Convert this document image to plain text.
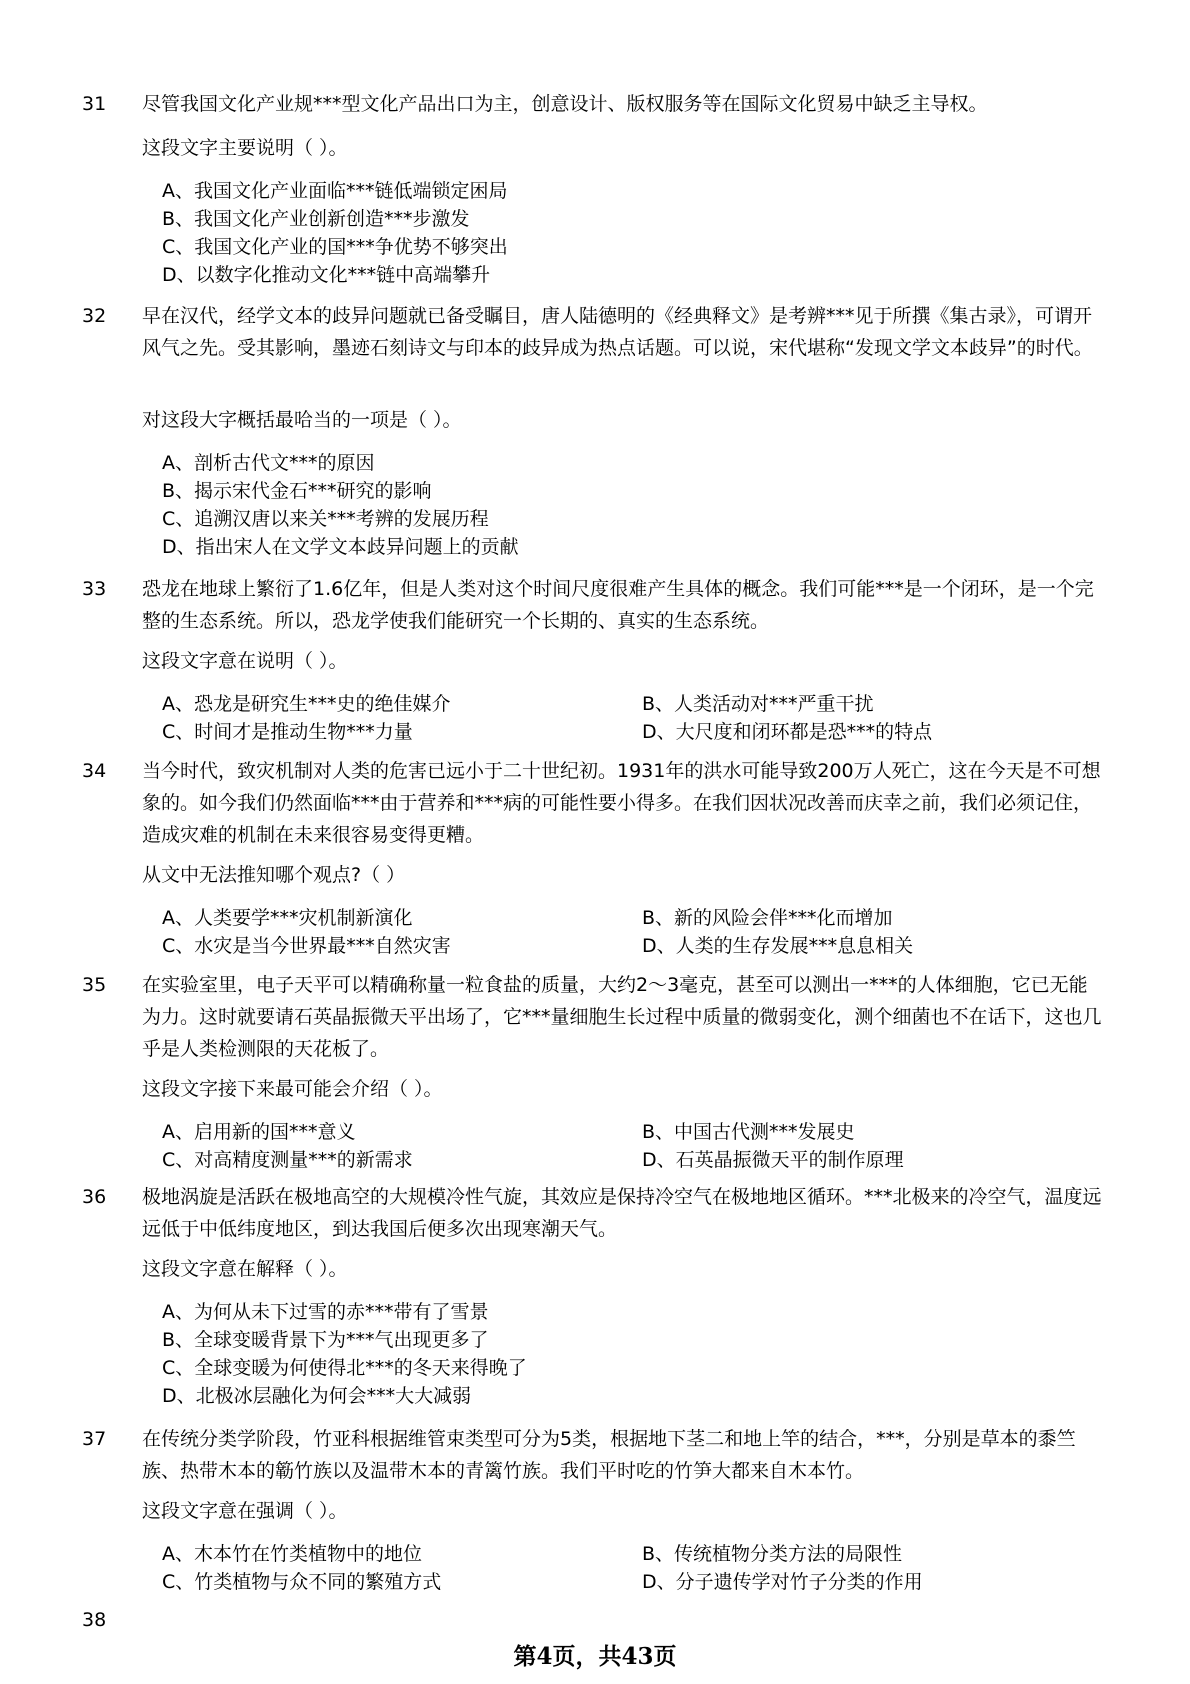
31 尽管我国文化产业规***型文化产品出口为主，创意设计、版权服务等在国际文化贸易中缺乏主导权。

这段文字主要说明（ ）。

A、我国文化产业面临***链低端锁定困局
B、我国文化产业创新创造***步激发
C、我国文化产业的国***争优势不够突出
D、以数字化推动文化***链中高端攀升
32 早在汉代，经学文本的歧异问题就已备受瞩目，唐人陆德明的《经典释文》是考辨***见于所撰《集古录》，可谓开风气之先。受其影响，墨迹石刻诗文与印本的歧异成为热点话题。可以说，宋代堪称“发现文学文本歧异”的时代。

对这段大字概括最哈当的一项是（ ）。

A、剖析古代文***的原因
B、揭示宋代金石***研究的影响
C、追溯汉唐以来关***考辨的发展历程
D、指出宋人在文学文本歧异问题上的贡献
33 恐龙在地球上繁衍了1.6亿年，但是人类对这个时间尺度很难产生具体的概念。我们可能***是一个闭环，是一个完整的生态系统。所以，恐龙学使我们能研究一个长期的、真实的生态系统。

这段文字意在说明（ ）。

A、恐龙是研究生***史的绝佳媒介	B、人类活动对***严重干扰
C、时间才是推动生物***力量	D、大尺度和闭环都是恐***的特点
34 当今时代，致灾机制对人类的危害已远小于二十世纪初。1931年的洪水可能导致200万人死亡，这在今天是不可想象的。如今我们仍然面临***由于营养和***病的可能性要小得多。在我们因状况改善而庆幸之前，我们必须记住，造成灾难的机制在未来很容易变得更糟。

从文中无法推知哪个观点?（ ）

A、人类要学***灾机制新演化	B、新的风险会伴***化而增加
C、水灾是当今世界最***自然灾害	D、人类的生存发展***息息相关
35 在实验室里，电子天平可以精确称量一粒食盐的质量，大约2～3毫克，甚至可以测出一***的人体细胞，它已无能为力。这时就要请石英晶振微天平出场了，它***量细胞生长过程中质量的微弱变化，测个细菌也不在话下，这也几乎是人类检测限的天花板了。

这段文字接下来最可能会介绍（ ）。

A、启用新的国***意义	B、中国古代测***发展史
C、对高精度测量***的新需求	D、石英晶振微天平的制作原理
36 极地涡旋是活跃在极地高空的大规模冷性气旋，其效应是保持冷空气在极地地区循环。***北极来的冷空气，温度远远低于中低纬度地区，到达我国后便多次出现寒潮天气。

这段文字意在解释（ ）。

A、为何从未下过雪的赤***带有了雪景
B、全球变暖背景下为***气出现更多了
C、全球变暖为何使得北***的冬天来得晚了
D、北极冰层融化为何会***大大减弱
37 在传统分类学阶段，竹亚科根据维管束类型可分为5类，根据地下茎二和地上竿的结合，***，分别是草本的黍竺族、热带木本的簕竹族以及温带木本的青篱竹族。我们平时吃的竹笋大都来自木本竹。

这段文字意在强调（ ）。

A、木本竹在竹类植物中的地位	B、传统植物分类方法的局限性
C、竹类植物与众不同的繁殖方式	D、分子遗传学对竹子分类的作用
38
第4页，共43页
